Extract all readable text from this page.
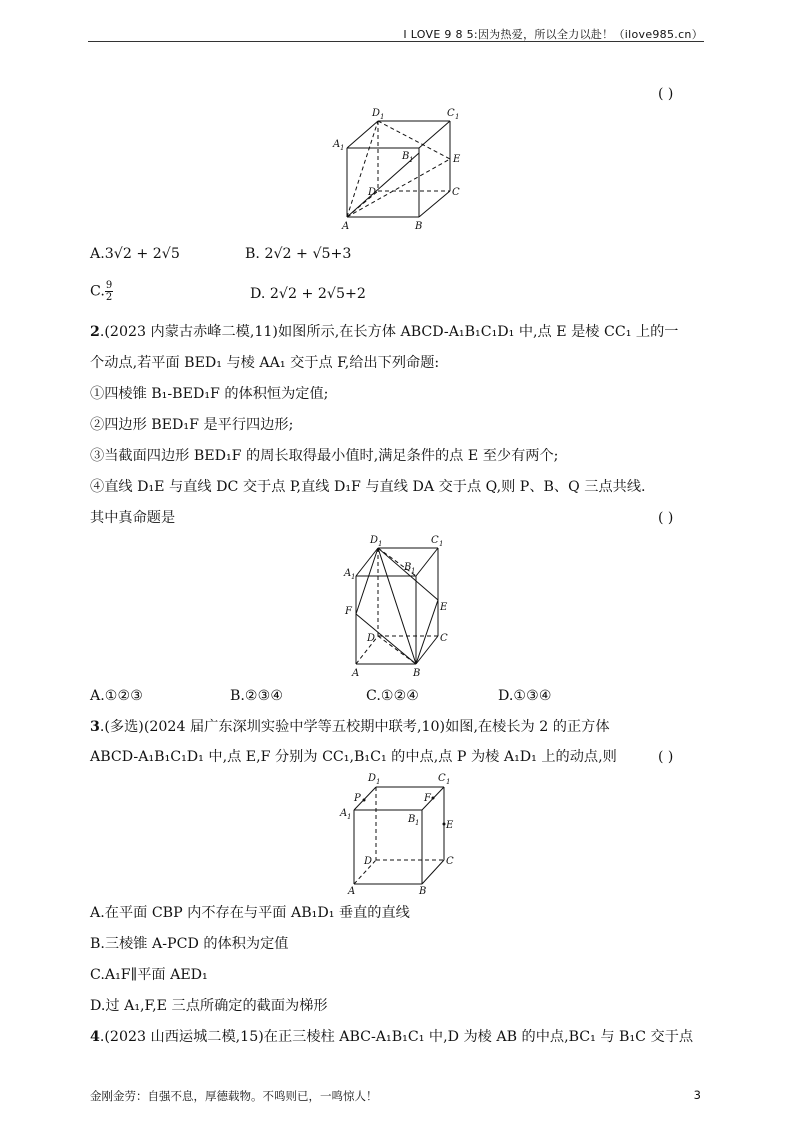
I LOVE 9 8 5:因为热爱，所以全力以赴！（ilove985.cn）
( )
D 1	C 1
A 1
B 1	E
D	C
A	B
A.3√2 + 2√5	B. 2√2 + √5+3
C. $\frac{9}{2}$	D. 2√2 + 2√5+2
2.(2023 内蒙古赤峰二模,11)如图所示,在长方体 ABCD-A₁B₁C₁D₁ 中,点 E 是棱 CC₁ 上的一
个动点,若平面 BED₁ 与棱 AA₁ 交于点 F,给出下列命题:
①四棱锥 B₁-BED₁F 的体积恒为定值;
②四边形 BED₁F 是平行四边形;
③当截面四边形 BED₁F 的周长取得最小值时,满足条件的点 E 至少有两个;
④直线 D₁E 与直线 DC 交于点 P,直线 D₁F 与直线 DA 交于点 Q,则 P、B、Q 三点共线.
其中真命题是	( )
D 1	C 1
A 1
B 1
F	E
D	C
A	B
A.①②③	B.②③④	C.①②④	D.①③④
3.(多选)(2024 届广东深圳实验中学等五校期中联考,10)如图,在棱长为 2 的正方体
ABCD-A₁B₁C₁D₁ 中,点 E,F 分别为 CC₁,B₁C₁ 的中点,点 P 为棱 A₁D₁ 上的动点,则	( )
D 1	C 1
P	F
A 1	B 1	E
D	C
A	B
A.在平面 CBP 内不存在与平面 AB₁D₁ 垂直的直线
B.三棱锥 A-PCD 的体积为定值
C.A₁F∥平面 AED₁
D.过 A₁,F,E 三点所确定的截面为梯形
4.(2023 山西运城二模,15)在正三棱柱 ABC-A₁B₁C₁ 中,D 为棱 AB 的中点,BC₁ 与 B₁C 交于点
金刚金劳：自强不息，厚德载物。不鸣则已，一鸣惊人！	3
